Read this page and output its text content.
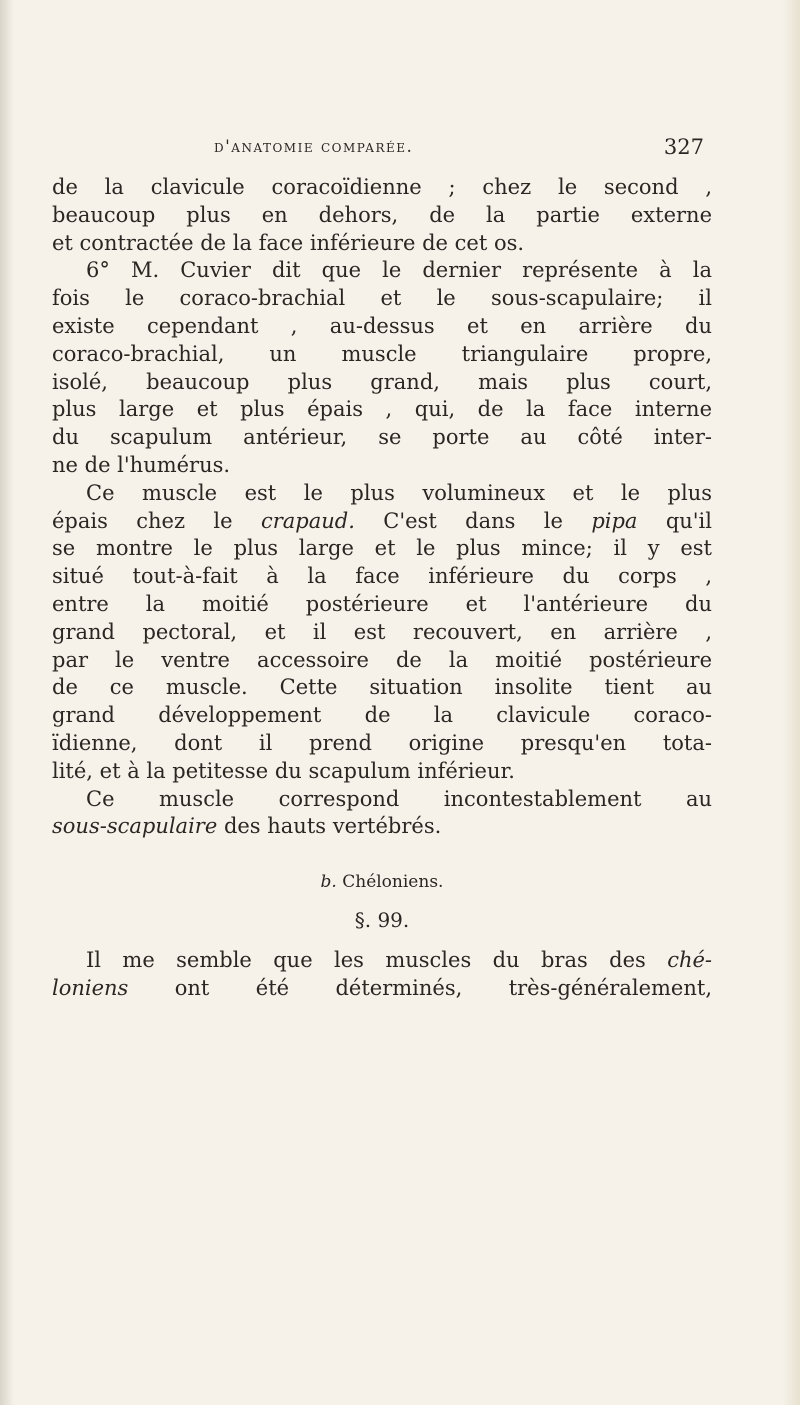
d'anatomie comparée.	327
de la clavicule coracoïdienne ; chez le second ,
beaucoup plus en dehors, de la partie externe
et contractée de la face inférieure de cet os.
6° M. Cuvier dit que le dernier représente à la
fois le coraco-brachial et le sous-scapulaire; il
existe cependant , au-dessus et en arrière du
coraco-brachial, un muscle triangulaire propre,
isolé, beaucoup plus grand, mais plus court,
plus large et plus épais , qui, de la face interne
du scapulum antérieur, se porte au côté inter-
ne de l'humérus.
Ce muscle est le plus volumineux et le plus
épais chez le crapaud. C'est dans le pipa qu'il
se montre le plus large et le plus mince; il y est
situé tout-à-fait à la face inférieure du corps ,
entre la moitié postérieure et l'antérieure du
grand pectoral, et il est recouvert, en arrière ,
par le ventre accessoire de la moitié postérieure
de ce muscle. Cette situation insolite tient au
grand développement de la clavicule coraco-
ïdienne, dont il prend origine presqu'en tota-
lité, et à la petitesse du scapulum inférieur.
Ce muscle correspond incontestablement au
sous-scapulaire des hauts vertébrés.
b. Chéloniens.
§. 99.
Il me semble que les muscles du bras des ché-
loniens ont été déterminés, très-généralement,
